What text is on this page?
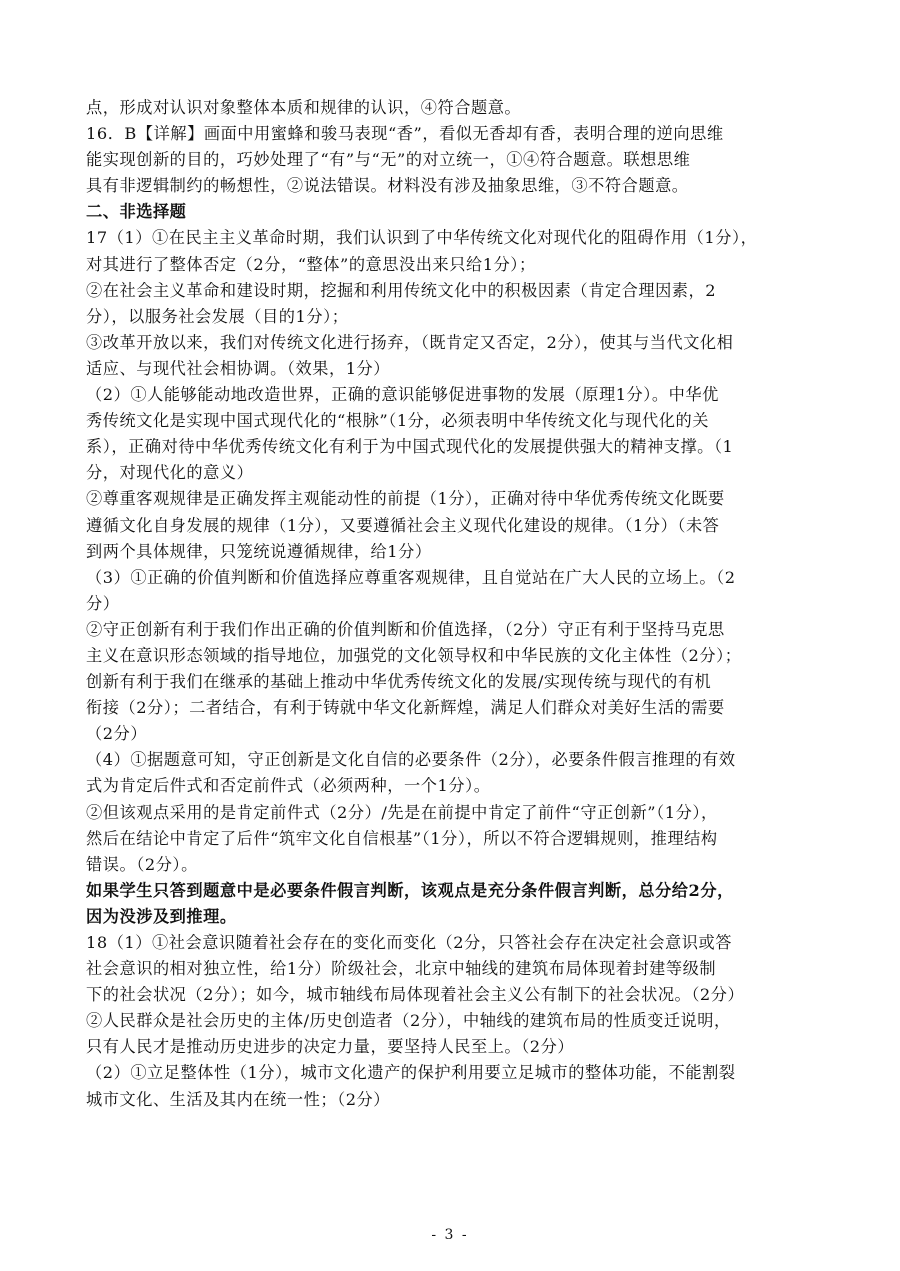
点，形成对认识对象整体本质和规律的认识，④符合题意。
16．B【详解】画面中用蜜蜂和骏马表现“香”，看似无香却有香，表明合理的逆向思维
能实现创新的目的，巧妙处理了“有”与“无”的对立统一，①④符合题意。联想思维
具有非逻辑制约的畅想性，②说法错误。材料没有涉及抽象思维，③不符合题意。
二、非选择题
17（1）①在民主主义革命时期，我们认识到了中华传统文化对现代化的阻碍作用（1分），
对其进行了整体否定（2分，“整体”的意思没出来只给1分）；
②在社会主义革命和建设时期，挖掘和利用传统文化中的积极因素（肯定合理因素，2
分），以服务社会发展（目的1分）；
③改革开放以来，我们对传统文化进行扬弃，（既肯定又否定，2分），使其与当代文化相
适应、与现代社会相协调。（效果，1分）
（2）①人能够能动地改造世界，正确的意识能够促进事物的发展（原理1分）。中华优
秀传统文化是实现中国式现代化的“根脉”（1分，必须表明中华传统文化与现代化的关
系），正确对待中华优秀传统文化有利于为中国式现代化的发展提供强大的精神支撑。（1
分，对现代化的意义）
②尊重客观规律是正确发挥主观能动性的前提（1分），正确对待中华优秀传统文化既要
遵循文化自身发展的规律（1分），又要遵循社会主义现代化建设的规律。（1分）（未答
到两个具体规律，只笼统说遵循规律，给1分）
（3）①正确的价值判断和价值选择应尊重客观规律，且自觉站在广大人民的立场上。（2
分）
②守正创新有利于我们作出正确的价值判断和价值选择，（2分）守正有利于坚持马克思
主义在意识形态领域的指导地位，加强党的文化领导权和中华民族的文化主体性（2分）；
创新有利于我们在继承的基础上推动中华优秀传统文化的发展/实现传统与现代的有机
衔接（2分）；二者结合，有利于铸就中华文化新辉煌，满足人们群众对美好生活的需要
（2分）
（4）①据题意可知，守正创新是文化自信的必要条件（2分），必要条件假言推理的有效
式为肯定后件式和否定前件式（必须两种，一个1分）。
②但该观点采用的是肯定前件式（2分）/先是在前提中肯定了前件“守正创新”（1分），
然后在结论中肯定了后件“筑牢文化自信根基”（1分），所以不符合逻辑规则，推理结构
错误。（2分）。
如果学生只答到题意中是必要条件假言判断，该观点是充分条件假言判断，总分给2分，
因为没涉及到推理。
18（1）①社会意识随着社会存在的变化而变化（2分，只答社会存在决定社会意识或答
社会意识的相对独立性，给1分）阶级社会，北京中轴线的建筑布局体现着封建等级制
下的社会状况（2分）；如今，城市轴线布局体现着社会主义公有制下的社会状况。（2分）
②人民群众是社会历史的主体/历史创造者（2分），中轴线的建筑布局的性质变迁说明，
只有人民才是推动历史进步的决定力量，要坚持人民至上。（2分）
（2）①立足整体性（1分），城市文化遗产的保护利用要立足城市的整体功能，不能割裂
城市文化、生活及其内在统一性；（2分）
- 3 -
